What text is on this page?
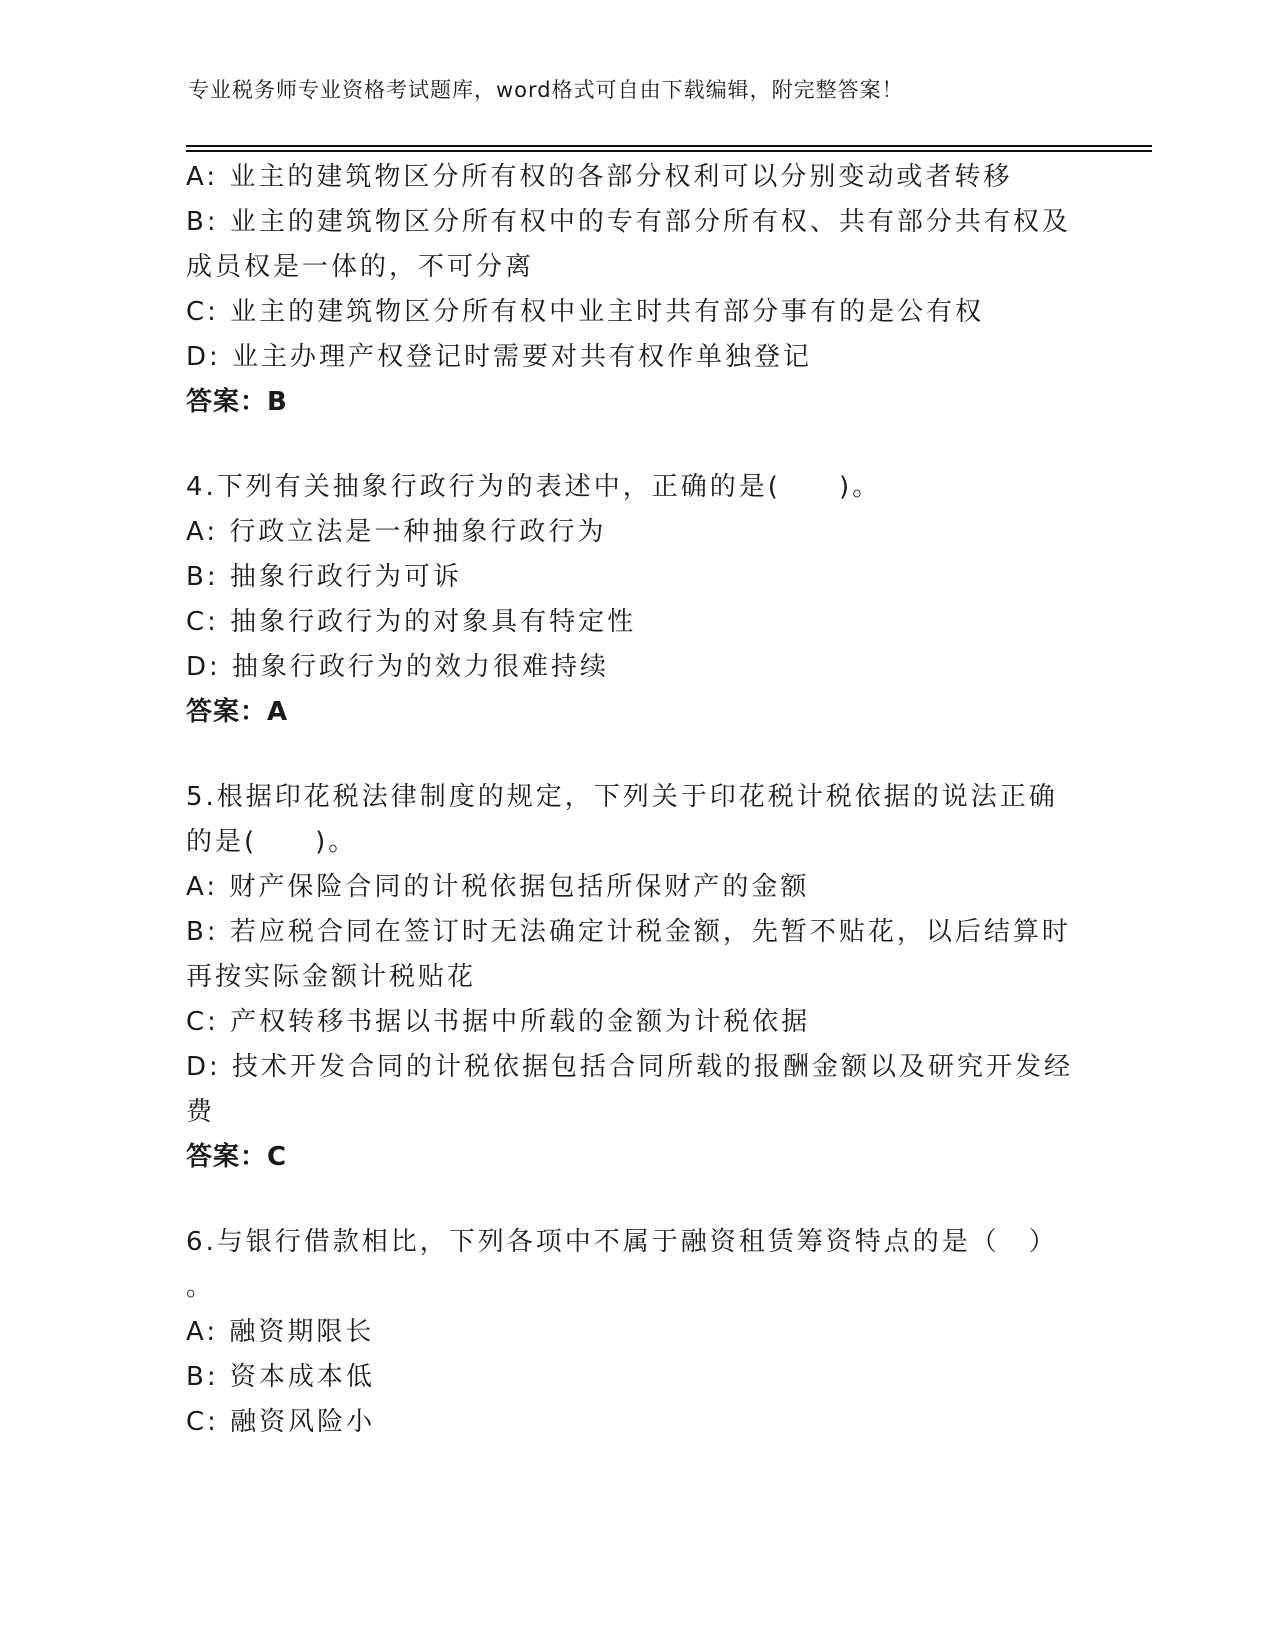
专业税务师专业资格考试题库，word格式可自由下载编辑，附完整答案！
A: 业主的建筑物区分所有权的各部分权利可以分别变动或者转移
B: 业主的建筑物区分所有权中的专有部分所有权、共有部分共有权及
成员权是一体的，不可分离
C: 业主的建筑物区分所有权中业主时共有部分事有的是公有权
D: 业主办理产权登记时需要对共有权作单独登记
答案：B
4.下列有关抽象行政行为的表述中，正确的是(　　)。
A: 行政立法是一种抽象行政行为
B: 抽象行政行为可诉
C: 抽象行政行为的对象具有特定性
D: 抽象行政行为的效力很难持续
答案：A
5.根据印花税法律制度的规定，下列关于印花税计税依据的说法正确
的是(　　)。
A: 财产保险合同的计税依据包括所保财产的金额
B: 若应税合同在签订时无法确定计税金额，先暂不贴花，以后结算时
再按实际金额计税贴花
C: 产权转移书据以书据中所载的金额为计税依据
D: 技术开发合同的计税依据包括合同所载的报酬金额以及研究开发经
费
答案：C
6.与银行借款相比，下列各项中不属于融资租赁筹资特点的是（　）
。
A: 融资期限长
B: 资本成本低
C: 融资风险小
